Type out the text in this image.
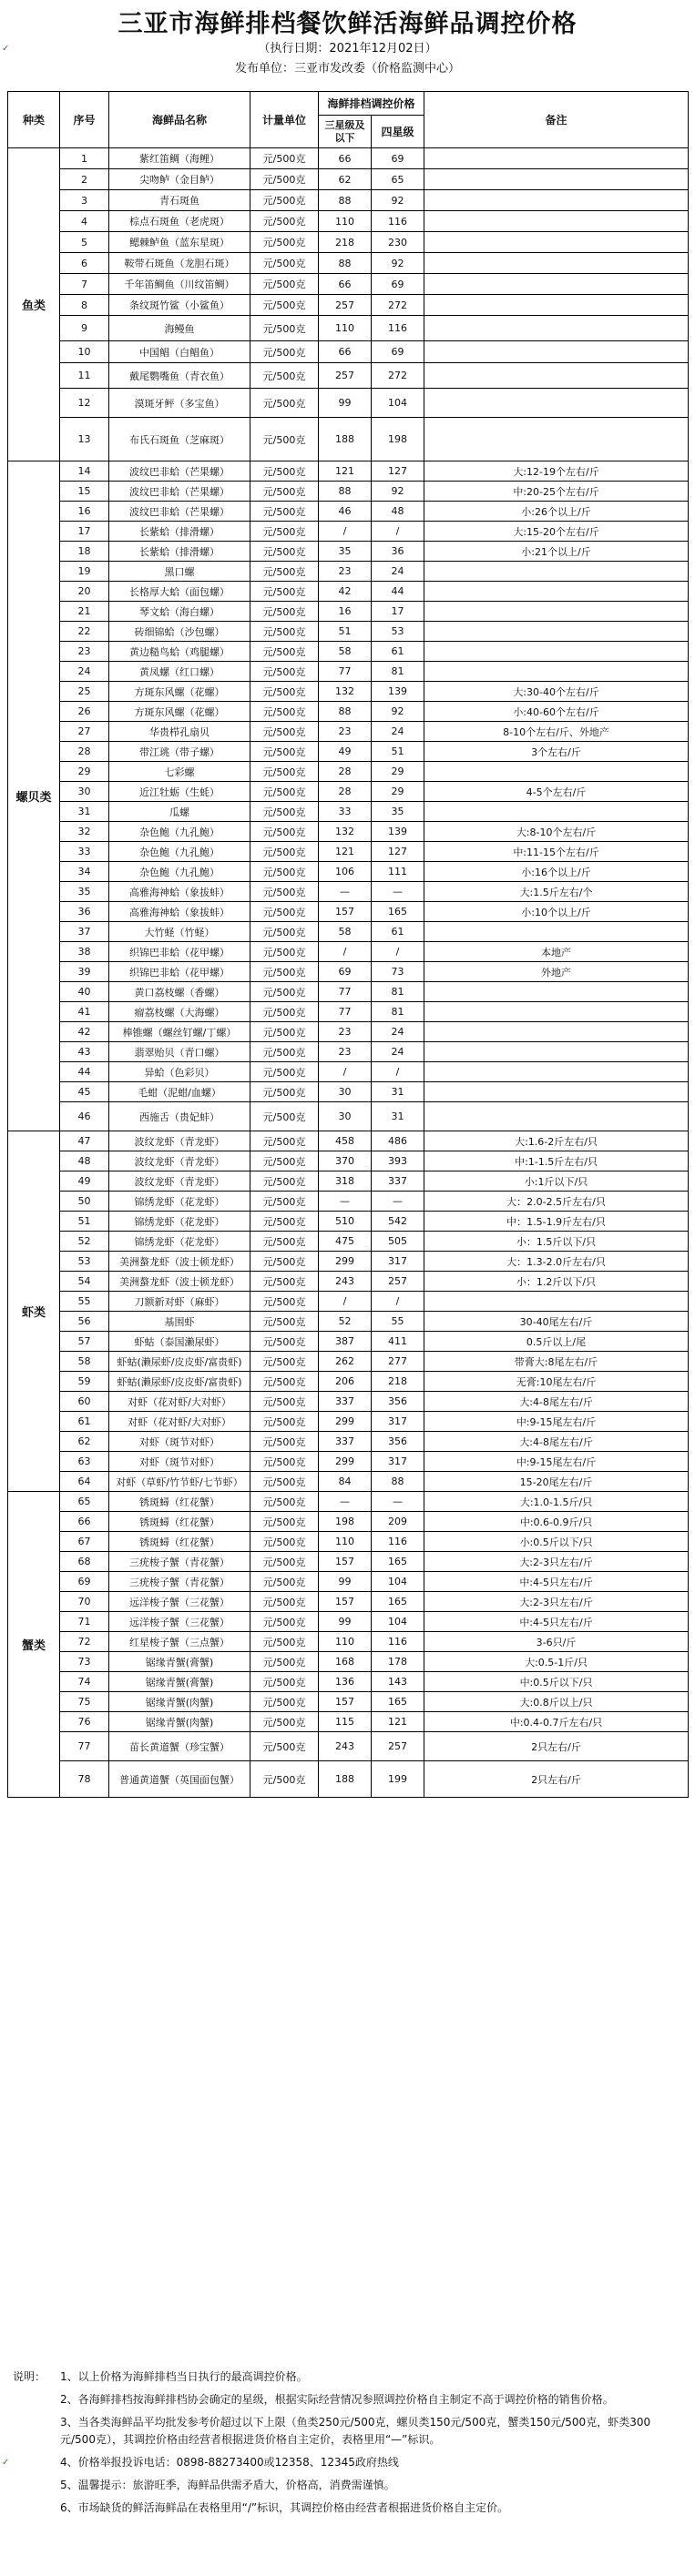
三亚市海鲜排档餐饮鲜活海鲜品调控价格
（执行日期：2021年12月02日）
发布单位：三亚市发改委（价格监测中心）
种类	序号	海鲜品名称	计量单位	海鲜排档调控价格		备注
				三星级及以下	四星级	
鱼类	1	紫红笛鲷（海鲤）	元/500克	66	69	
	2	尖吻鲈（金目鲈）	元/500克	62	65	
	3	青石斑鱼	元/500克	88	92	
	4	棕点石斑鱼（老虎斑）	元/500克	110	116	
	5	鳃棘鲈鱼（蓝东星斑）	元/500克	218	230	
	6	鞍带石斑鱼（龙胆石斑）	元/500克	88	92	
	7	千年笛鲷鱼（川纹笛鲷）	元/500克	66	69	
	8	条纹斑竹鲨（小鲨鱼）	元/500克	257	272	
	9	海鳗鱼	元/500克	110	116	
	10	中国鲳（白鲳鱼）	元/500克	66	69	
	11	戴尾鹦嘴鱼（青衣鱼）	元/500克	257	272	
	12	漠斑牙鲆（多宝鱼）	元/500克	99	104	
	13	布氏石斑鱼（芝麻斑）	元/500克	188	198	
螺贝类	14	波纹巴非蛤（芒果螺）	元/500克	121	127	大:12-19个左右/斤
	15	波纹巴非蛤（芒果螺）	元/500克	88	92	中:20-25个左右/斤
	16	波纹巴非蛤（芒果螺）	元/500克	46	48	小:26个以上/斤
	17	长紫蛤（排滑螺）	元/500克	/	/	大:15-20个左右/斤
	18	长紫蛤（排滑螺）	元/500克	35	36	小:21个以上/斤
	19	黑口螺	元/500克	23	24	
	20	长格厚大蛤（面包螺）	元/500克	42	44	
	21	琴文蛤（海白螺）	元/500克	16	17	
	22	砖细锦蛤（沙包螺）	元/500克	51	53	
	23	黄边糙鸟蛤（鸡腿螺）	元/500克	58	61	
	24	黄凤螺（红口螺）	元/500克	77	81	
	25	方斑东风螺（花螺）	元/500克	132	139	大:30-40个左右/斤
	26	方斑东风螺（花螺）	元/500克	88	92	小:40-60个左右/斤
	27	华贵栉孔扇贝	元/500克	23	24	8-10个左右/斤、外地产
	28	带江珧（带子螺）	元/500克	49	51	3个左右/斤
	29	七彩螺	元/500克	28	29	
	30	近江牡蛎（生蚝）	元/500克	28	29	4-5个左右/斤
	31	瓜螺	元/500克	33	35	
	32	杂色鲍（九孔鲍）	元/500克	132	139	大:8-10个左右/斤
	33	杂色鲍（九孔鲍）	元/500克	121	127	中:11-15个左右/斤
	34	杂色鲍（九孔鲍）	元/500克	106	111	小:16个以上/斤
	35	高雅海神蛤（象拔蚌）	元/500克	—	—	大:1.5斤左右/个
	36	高雅海神蛤（象拔蚌）	元/500克	157	165	小:10个以上/斤
	37	大竹蛏（竹蛏）	元/500克	58	61	
	38	织锦巴非蛤（花甲螺）	元/500克	/	/	本地产
	39	织锦巴非蛤（花甲螺）	元/500克	69	73	外地产
	40	黄口荔枝螺（香螺）	元/500克	77	81	
	41	瘤荔枝螺（大海螺）	元/500克	77	81	
	42	棒锥螺（螺丝钉螺/丁螺）	元/500克	23	24	
	43	翡翠贻贝（青口螺）	元/500克	23	24	
	44	异蛤（色彩贝）	元/500克	/	/	
	45	毛蚶（泥蚶/血螺）	元/500克	30	31	
	46	西施舌（贵妃蚌）	元/500克	30	31	
虾类	47	波纹龙虾（青龙虾）	元/500克	458	486	大:1.6-2斤左右/只
	48	波纹龙虾（青龙虾）	元/500克	370	393	中:1-1.5斤左右/只
	49	波纹龙虾（青龙虾）	元/500克	318	337	小:1斤以下/只
	50	锦绣龙虾（花龙虾）	元/500克	—	—	大：2.0-2.5斤左右/只
	51	锦绣龙虾（花龙虾）	元/500克	510	542	中：1.5-1.9斤左右/只
	52	锦绣龙虾（花龙虾）	元/500克	475	505	小：1.5斤以下/只
	53	美洲螯龙虾（波士顿龙虾）	元/500克	299	317	大：1.3-2.0斤左右/只
	54	美洲螯龙虾（波士顿龙虾）	元/500克	243	257	小：1.2斤以下/只
	55	刀额新对虾（麻虾）	元/500克	/	/	
	56	基围虾	元/500克	52	55	30-40尾左右/斤
	57	虾蛄（泰国濑尿虾）	元/500克	387	411	0.5斤以上/尾
	58	虾蛄(濑尿虾/皮皮虾/富贵虾)	元/500克	262	277	带膏大:8尾左右/斤
	59	虾蛄(濑尿虾/皮皮虾/富贵虾)	元/500克	206	218	无膏:10尾左右/斤
	60	对虾（花对虾/大对虾）	元/500克	337	356	大:4-8尾左右/斤
	61	对虾（花对虾/大对虾）	元/500克	299	317	中:9-15尾左右/斤
	62	对虾（斑节对虾）	元/500克	337	356	大:4-8尾左右/斤
	63	对虾（斑节对虾）	元/500克	299	317	中:9-15尾左右/斤
	64	对虾（草虾/竹节虾/七节虾）	元/500克	84	88	15-20尾左右/斤
蟹类	65	锈斑蟳（红花蟹）	元/500克	—	—	大:1.0-1.5斤/只
	66	锈斑蟳（红花蟹）	元/500克	198	209	中:0.6-0.9斤/只
	67	锈斑蟳（红花蟹）	元/500克	110	116	小:0.5斤以下/只
	68	三疣梭子蟹（青花蟹）	元/500克	157	165	大:2-3只左右/斤
	69	三疣梭子蟹（青花蟹）	元/500克	99	104	中:4-5只左右/斤
	70	远洋梭子蟹（三花蟹）	元/500克	157	165	大:2-3只左右/斤
	71	远洋梭子蟹（三花蟹）	元/500克	99	104	中:4-5只左右/斤
	72	红星梭子蟹（三点蟹）	元/500克	110	116	3-6只/斤
	73	锯缘青蟹(膏蟹)	元/500克	168	178	大:0.5-1斤/只
	74	锯缘青蟹(膏蟹)	元/500克	136	143	中:0.5斤以下/只
	75	锯缘青蟹(肉蟹)	元/500克	157	165	大:0.8斤以上/只
	76	锯缘青蟹(肉蟹)	元/500克	115	121	中:0.4-0.7斤左右/只
	77	苗长黄道蟹（珍宝蟹）	元/500克	243	257	2只左右/斤
	78	普通黄道蟹（英国面包蟹）	元/500克	188	199	2只左右/斤
说明： 1、以上价格为海鲜排档当日执行的最高调控价格。
2、各海鲜排档按海鲜排档协会确定的星级，根据实际经营情况参照调控价格自主制定不高于调控价格的销售价格。
3、当各类海鲜品平均批发参考价超过以下上限（鱼类250元/500克，螺贝类150元/500克，蟹类150元/500克，虾类300元/500克），其调控价格由经营者根据进货价格自主定价，表格里用“—”标识。
4、价格举报投诉电话：0898-88273400或12358、12345政府热线
5、温馨提示：旅游旺季，海鲜品供需矛盾大，价格高，消费需谨慎。
6、市场缺货的鲜活海鲜品在表格里用“/”标识，其调控价格由经营者根据进货价格自主定价。
✓
✓
